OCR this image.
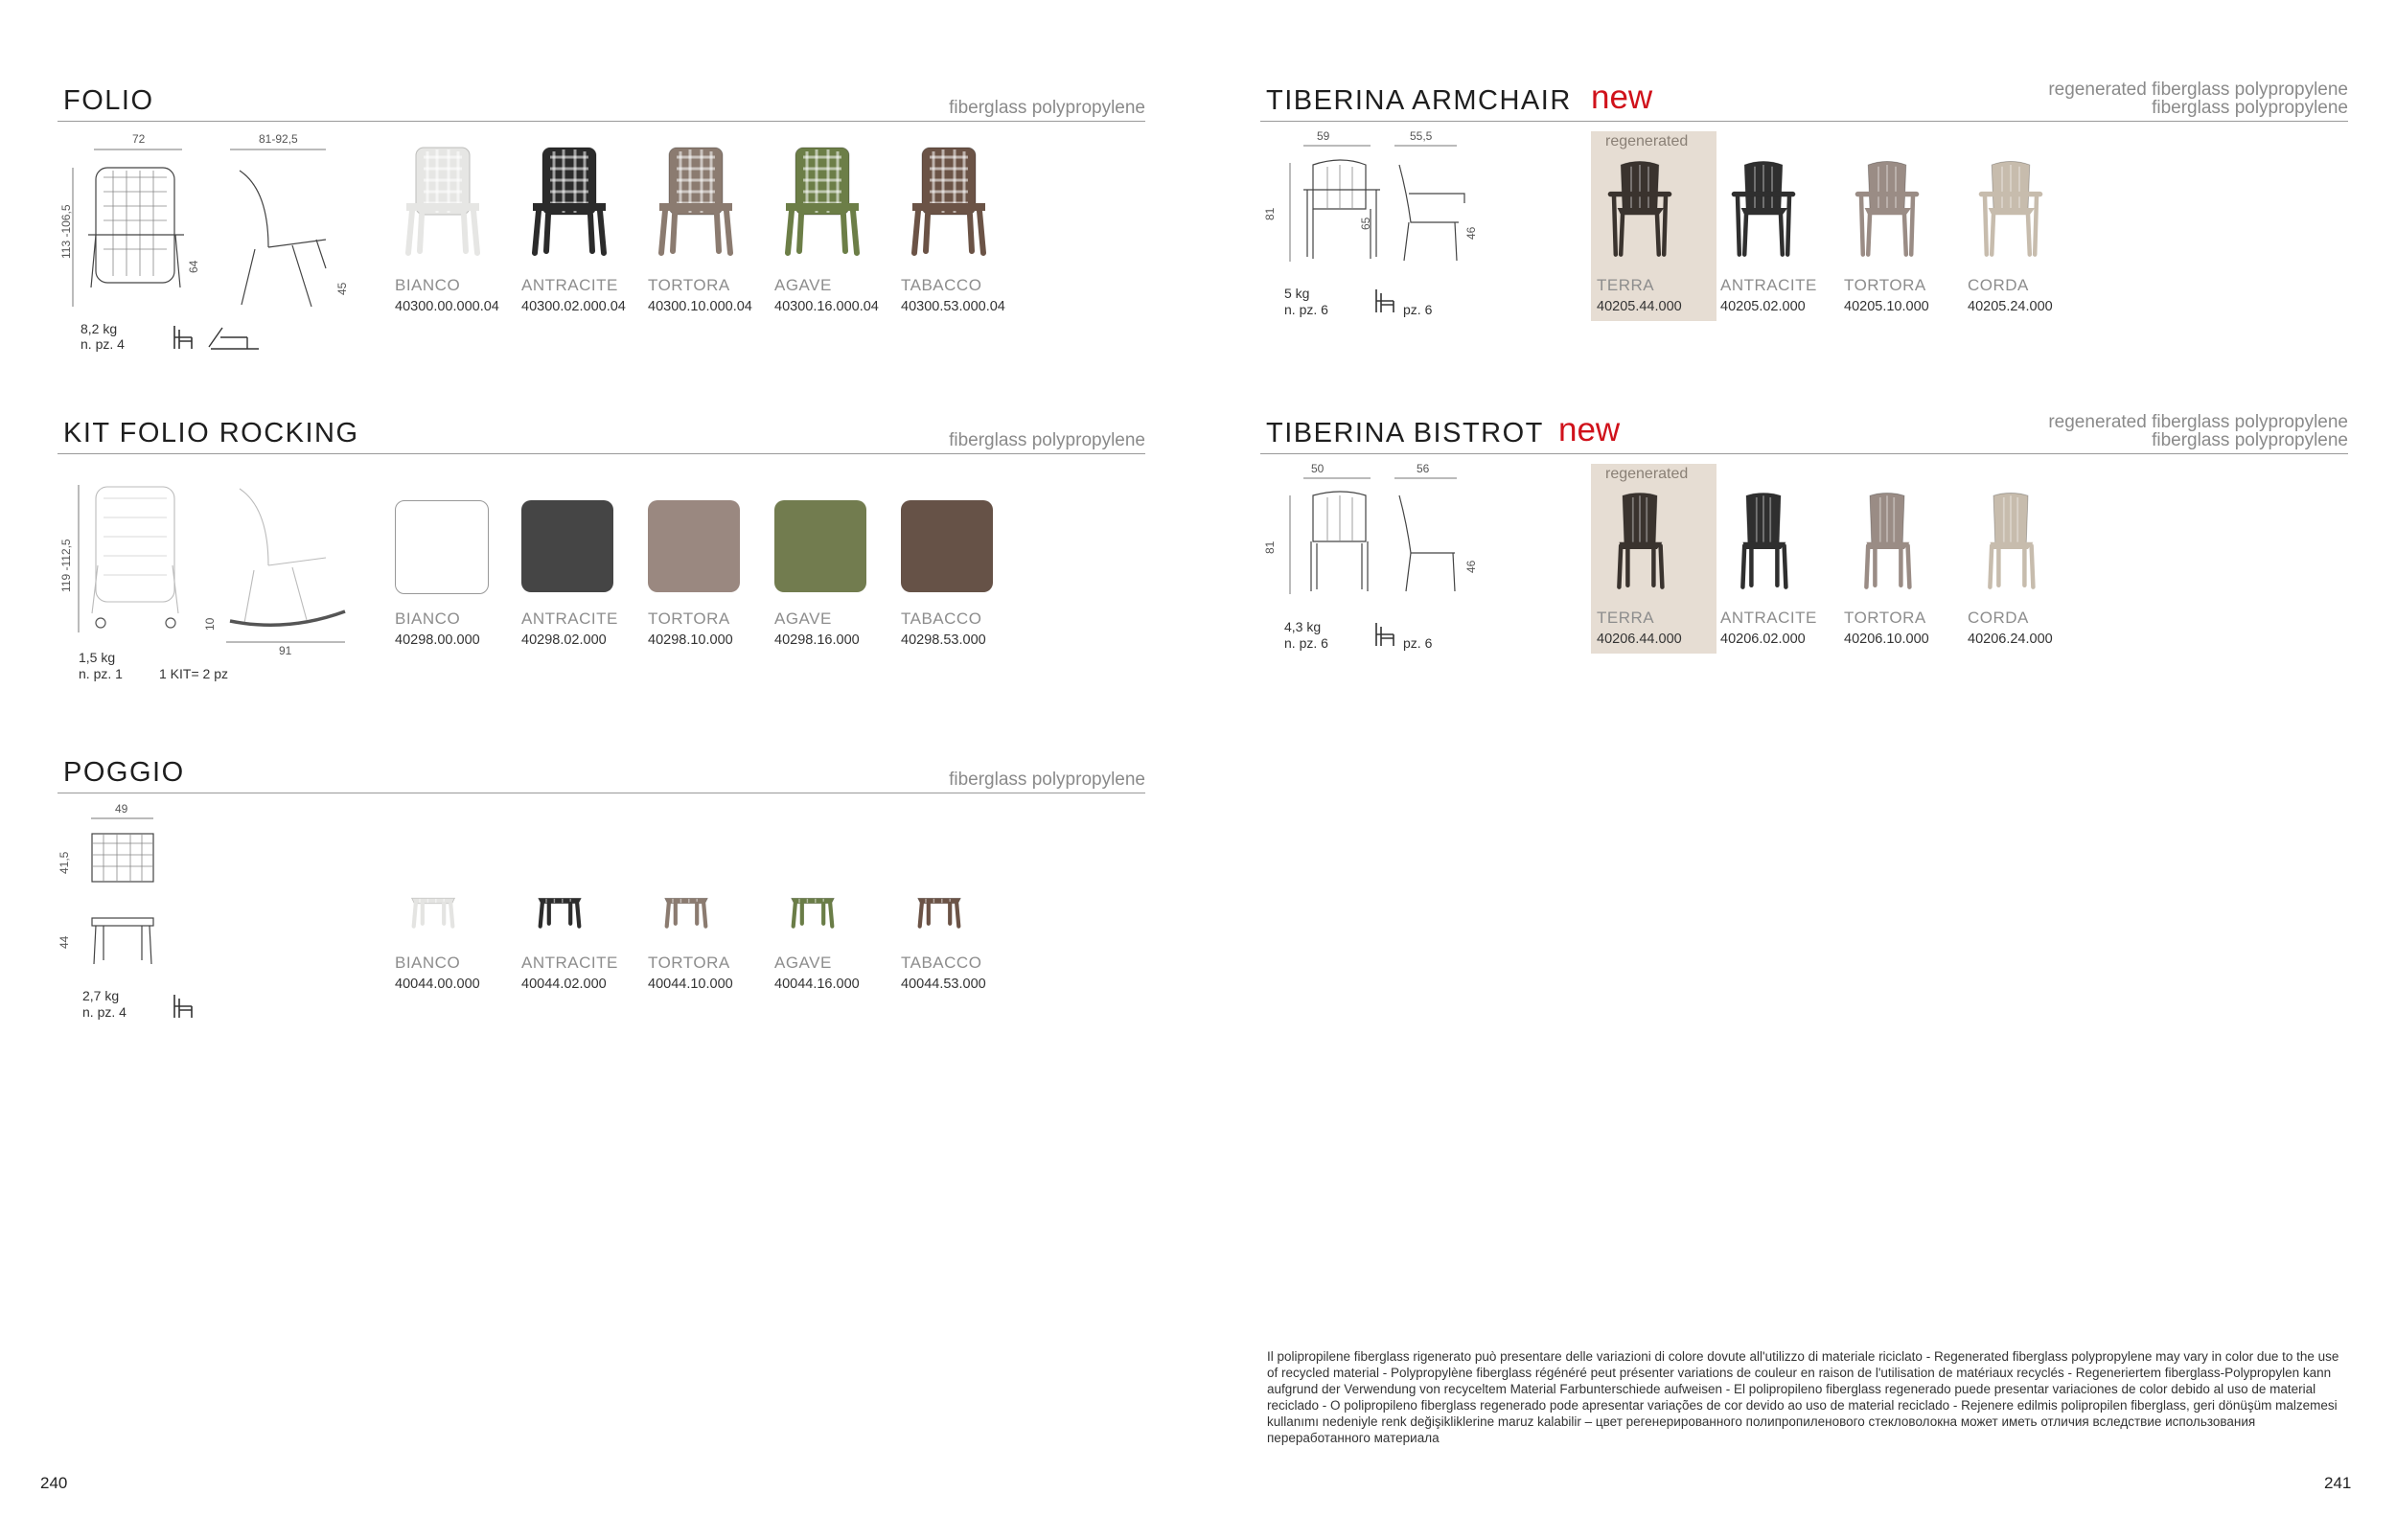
FOLIO	fiberglass polypropylene
72	81-92,5
113 -106,5
64
45
8,2 kg
n. pz. 4
BIANCO
40300.00.000.04
ANTRACITE
40300.02.000.04
TORTORA
40300.10.000.04
AGAVE
40300.16.000.04
TABACCO
40300.53.000.04
KIT FOLIO ROCKING	fiberglass polypropylene
119 -112,5
10
91
1,5 kg
n. pz. 1	1 KIT= 2 pz
BIANCO
40298.00.000
ANTRACITE
40298.02.000
TORTORA
40298.10.000
AGAVE
40298.16.000
TABACCO
40298.53.000
POGGIO	fiberglass polypropylene
49
41,5
44
2,7 kg
n. pz. 4
BIANCO
40044.00.000
ANTRACITE
40044.02.000
TORTORA
40044.10.000
AGAVE
40044.16.000
TABACCO
40044.53.000
TIBERINA ARMCHAIR new	regenerated fiberglass polypropylene
fiberglass polypropylene
59	55,5
81
65
46
5 kg
n. pz. 6	pz. 6
regenerated
TERRA
40205.44.000
ANTRACITE
40205.02.000
TORTORA
40205.10.000
CORDA
40205.24.000
TIBERINA BISTROT new	regenerated fiberglass polypropylene
fiberglass polypropylene
50	56
81
46
4,3 kg
n. pz. 6	pz. 6
regenerated
TERRA
40206.44.000
ANTRACITE
40206.02.000
TORTORA
40206.10.000
CORDA
40206.24.000
Il polipropilene fiberglass rigenerato può presentare delle variazioni di colore dovute all'utilizzo di materiale riciclato - Regenerated fiberglass polypropylene may vary in color due to the use of recycled material - Polypropylène fiberglass régénéré peut présenter variations de couleur en raison de l'utilisation de matériaux recyclés - Regeneriertem fiberglass-Polypropylen kann aufgrund der Verwendung von recyceltem Material Farbunterschiede aufweisen - El polipropileno fiberglass regenerado puede presentar variaciones de color debido al uso de material reciclado - O polipropileno fiberglass regenerado pode apresentar variações de cor devido ao uso de material reciclado - Rejenere edilmis polipropilen fiberglass, geri dönüşüm malzemesi kullanımı nedeniyle renk değişikliklerine maruz kalabilir – цвет регенерированного полипропиленового стекловолокна может иметь отличия вследствие использования переработанного материала
240	241
